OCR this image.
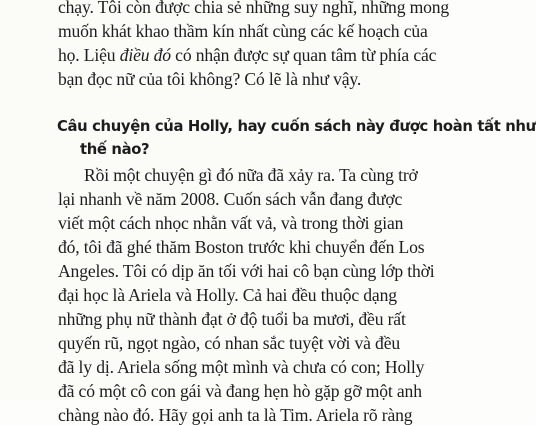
chạy. Tôi còn được chia sẻ những suy nghĩ, những mong
muốn khát khao thầm kín nhất cùng các kế hoạch của
họ. Liệu điều đó có nhận được sự quan tâm từ phía các
bạn đọc nữ của tôi không? Có lẽ là như vậy.
Câu chuyện của Holly, hay cuốn sách này được hoàn tất như
thế nào?
Rồi một chuyện gì đó nữa đã xảy ra. Ta cùng trở
lại nhanh về năm 2008. Cuốn sách vẫn đang được
viết một cách nhọc nhằn vất vả, và trong thời gian
đó, tôi đã ghé thăm Boston trước khi chuyển đến Los
Angeles. Tôi có dịp ăn tối với hai cô bạn cùng lớp thời
đại học là Ariela và Holly. Cả hai đều thuộc dạng
những phụ nữ thành đạt ở độ tuổi ba mươi, đều rất
quyến rũ, ngọt ngào, có nhan sắc tuyệt vời và đều
đã ly dị. Ariela sống một mình và chưa có con; Holly
đã có một cô con gái và đang hẹn hò gặp gỡ một anh
chàng nào đó. Hãy gọi anh ta là Tim. Ariela rõ ràng
